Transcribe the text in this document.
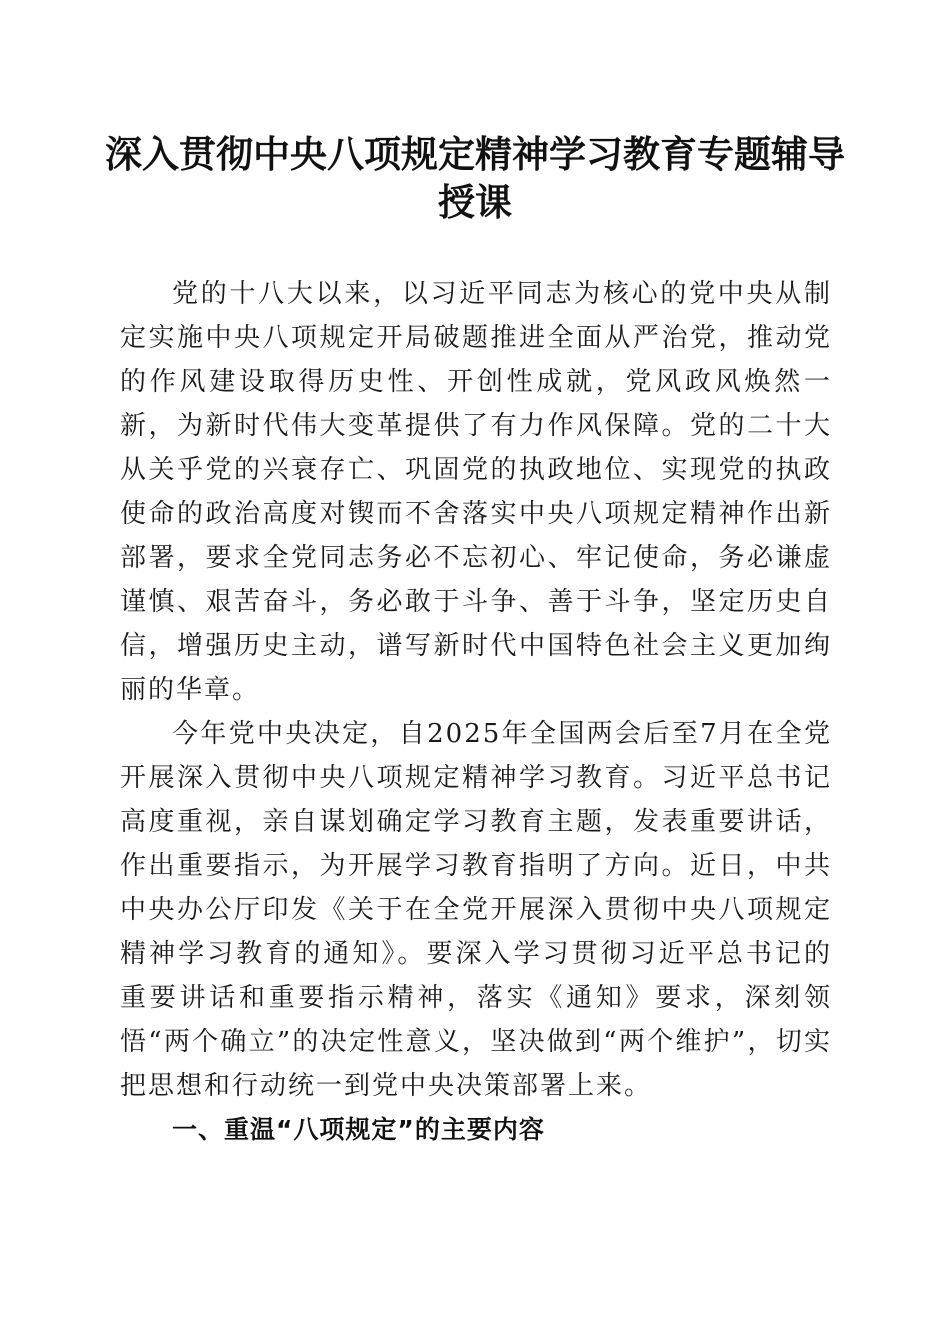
深入贯彻中央八项规定精神学习教育专题辅导授课

党的十八大以来，以习近平同志为核心的党中央从制定实施中央八项规定开局破题推进全面从严治党，推动党的作风建设取得历史性、开创性成就，党风政风焕然一新，为新时代伟大变革提供了有力作风保障。党的二十大从关乎党的兴衰存亡、巩固党的执政地位、实现党的执政使命的政治高度对锲而不舍落实中央八项规定精神作出新部署，要求全党同志务必不忘初心、牢记使命，务必谦虚谨慎、艰苦奋斗，务必敢于斗争、善于斗争，坚定历史自信，增强历史主动，谱写新时代中国特色社会主义更加绚丽的华章。

今年党中央决定，自2025年全国两会后至7月在全党开展深入贯彻中央八项规定精神学习教育。习近平总书记高度重视，亲自谋划确定学习教育主题，发表重要讲话，作出重要指示，为开展学习教育指明了方向。近日，中共中央办公厅印发《关于在全党开展深入贯彻中央八项规定精神学习教育的通知》。要深入学习贯彻习近平总书记的重要讲话和重要指示精神，落实《通知》要求，深刻领悟“两个确立”的决定性意义，坚决做到“两个维护”，切实把思想和行动统一到党中央决策部署上来。

一、重温“八项规定”的主要内容
